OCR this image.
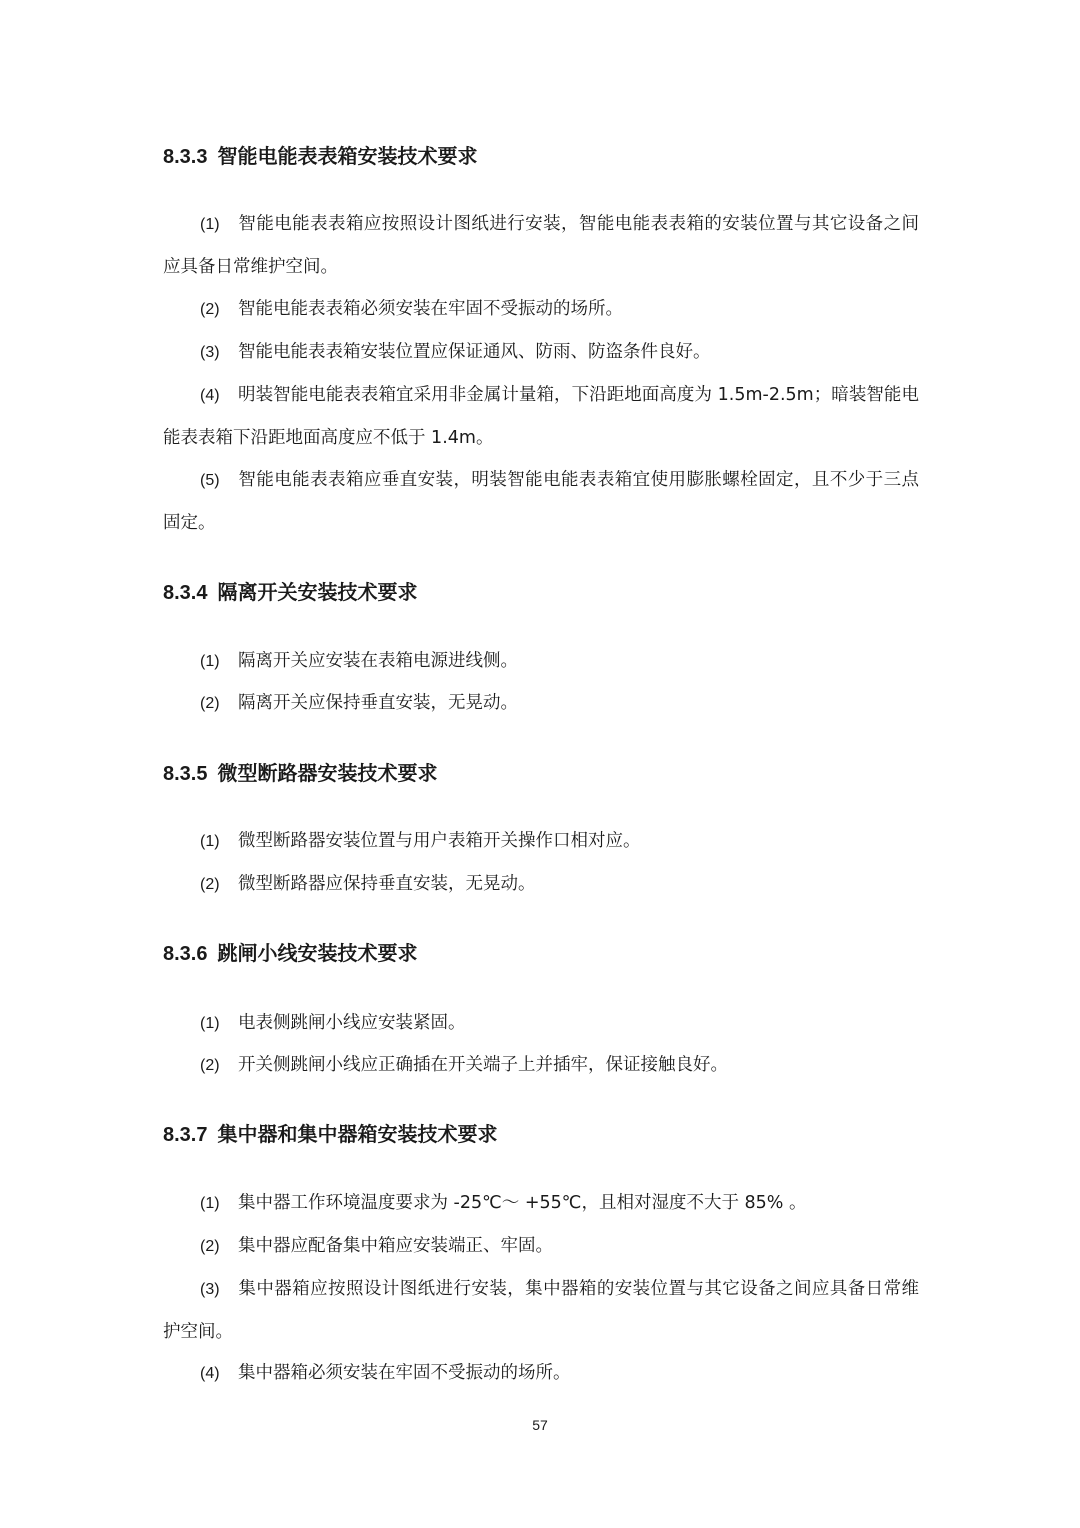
8.3.3 智能电能表表箱安装技术要求
(1) 智能电能表表箱应按照设计图纸进行安装，智能电能表表箱的安装位置与其它设备之间应具备日常维护空间。
(2) 智能电能表表箱必须安装在牢固不受振动的场所。
(3) 智能电能表表箱安装位置应保证通风、防雨、防盗条件良好。
(4) 明装智能电能表表箱宜采用非金属计量箱，下沿距地面高度为 1.5m-2.5m；暗装智能电能表表箱下沿距地面高度应不低于 1.4m。
(5) 智能电能表表箱应垂直安装，明装智能电能表表箱宜使用膨胀螺栓固定，且不少于三点固定。
8.3.4 隔离开关安装技术要求
(1) 隔离开关应安装在表箱电源进线侧。
(2) 隔离开关应保持垂直安装，无晃动。
8.3.5 微型断路器安装技术要求
(1) 微型断路器安装位置与用户表箱开关操作口相对应。
(2) 微型断路器应保持垂直安装，无晃动。
8.3.6 跳闸小线安装技术要求
(1) 电表侧跳闸小线应安装紧固。
(2) 开关侧跳闸小线应正确插在开关端子上并插牢，保证接触良好。
8.3.7 集中器和集中器箱安装技术要求
(1) 集中器工作环境温度要求为 -25℃～ +55℃，且相对湿度不大于 85% 。
(2) 集中器应配备集中箱应安装端正、牢固。
(3) 集中器箱应按照设计图纸进行安装，集中器箱的安装位置与其它设备之间应具备日常维护空间。
(4) 集中器箱必须安装在牢固不受振动的场所。
57
